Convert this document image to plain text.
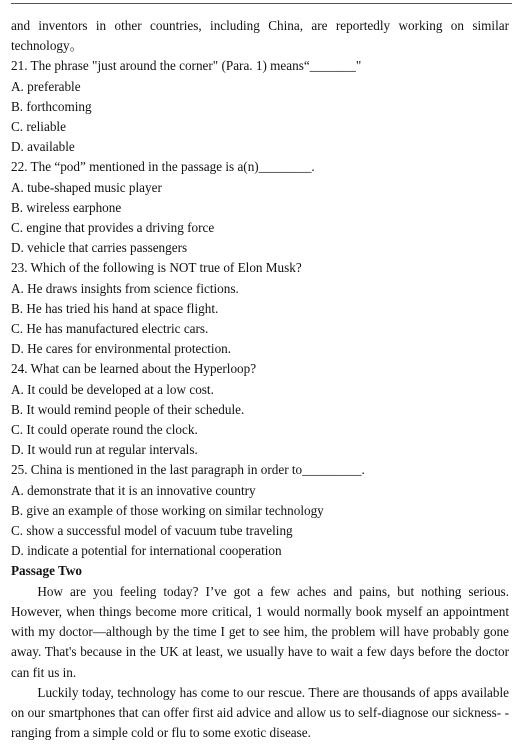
and inventors in other countries, including China, are reportedly working on similar technology。

21. The phrase "just around the corner" (Para. 1) means“_______"

A. preferable

B. forthcoming

C. reliable

D. available

22. The “pod” mentioned in the passage is a(n)________.

A. tube-shaped music player

B. wireless earphone

C. engine that provides a driving force

D. vehicle that carries passengers

23. Which of the following is NOT true of Elon Musk?

A. He draws insights from science fictions.

B. He has tried his hand at space flight.

C. He has manufactured electric cars.

D. He cares for environmental protection.

24. What can be learned about the Hyperloop?

A. It could be developed at a low cost.

B. It would remind people of their schedule.

C. It could operate round the clock.

D. It would run at regular intervals.

25. China is mentioned in the last paragraph in order to_________.

A. demonstrate that it is an innovative country

B. give an example of those working on similar technology

C. show a successful model of vacuum tube traveling

D. indicate a potential for international cooperation

Passage Two

How are you feeling today? I’ve got a few aches and pains, but nothing serious. However, when things become more critical, 1 would normally book myself an appointment with my doctor—although by the time I get to see him, the problem will have probably gone away. That's because in the UK at least, we usually have to wait a few days before the doctor can fit us in.

Luckily today, technology has come to our rescue. There are thousands of apps available on our smartphones that can offer first aid advice and allow us to self-diagnose our sickness- -ranging from a simple cold or flu to some exotic disease.
